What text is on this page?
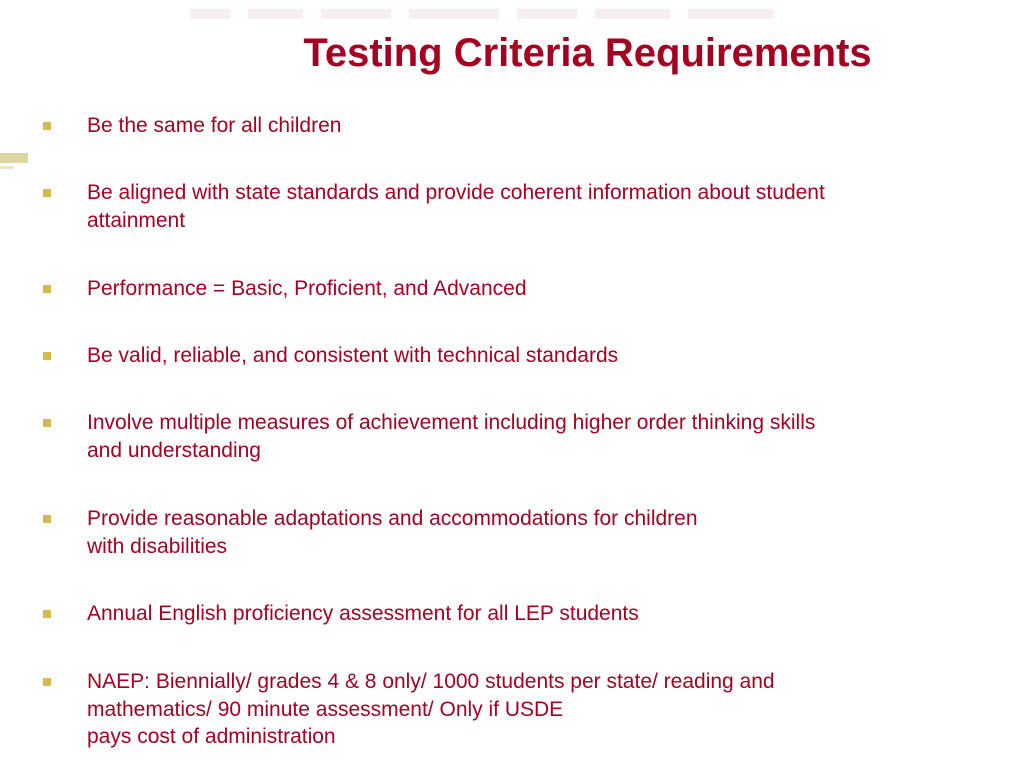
Testing Criteria Requirements

Be the same for all children

Be aligned with state standards and provide coherent information about student
attainment

Performance = Basic, Proficient, and Advanced

Be valid, reliable, and consistent with technical standards

Involve multiple measures of achievement including higher order thinking skills
and understanding

Provide reasonable adaptations and accommodations for children
with disabilities

Annual English proficiency assessment for all LEP students

NAEP: Biennially/ grades 4 & 8 only/ 1000 students per state/ reading and
mathematics/ 90 minute assessment/ Only if USDE
pays cost of administration
